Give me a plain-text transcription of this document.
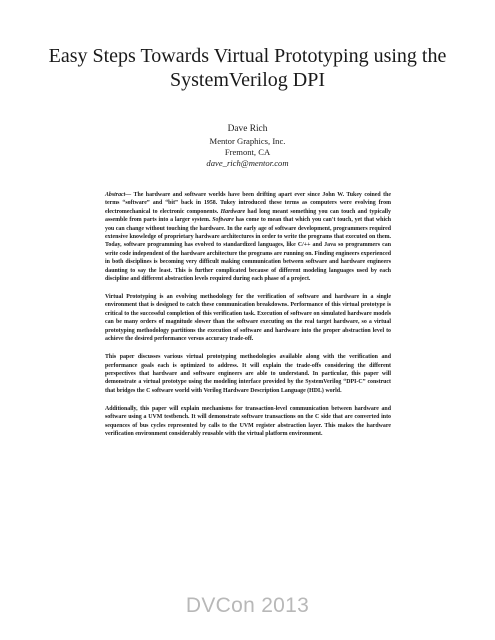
Easy Steps Towards Virtual Prototyping using the
SystemVerilog DPI
Dave Rich
Mentor Graphics, Inc.
Fremont, CA
dave_rich@mentor.com

Abstract— The hardware and software worlds have been drifting apart ever since John W. Tukey coined the terms “software” and “bit” back in 1958. Tukey introduced these terms as computers were evolving from electromechanical to electronic components. Hardware had long meant something you can touch and typically assemble from parts into a larger system. Software has come to mean that which you can't touch, yet that which you can change without touching the hardware. In the early age of software development, programmers required extensive knowledge of proprietary hardware architectures in order to write the programs that executed on them. Today, software programming has evolved to standardized languages, like C/++ and Java so programmers can write code independent of the hardware architecture the programs are running on. Finding engineers experienced in both disciplines is becoming very difficult making communication between software and hardware engineers daunting to say the least. This is further complicated because of different modeling languages used by each discipline and different abstraction levels required during each phase of a project.

Virtual Prototyping is an evolving methodology for the verification of software and hardware in a single environment that is designed to catch these communication breakdowns. Performance of this virtual prototype is critical to the successful completion of this verification task. Execution of software on simulated hardware models can be many orders of magnitude slower than the software executing on the real target hardware, so a virtual prototyping methodology partitions the execution of software and hardware into the proper abstraction level to achieve the desired performance versus accuracy trade-off.

This paper discusses various virtual prototyping methodologies available along with the verification and performance goals each is optimized to address. It will explain the trade-offs considering the different perspectives that hardware and software engineers are able to understand. In particular, this paper will demonstrate a virtual prototype using the modeling interface provided by the SystemVerilog “DPI-C” construct that bridges the C software world with Verilog Hardware Description Language (HDL) world.

Additionally, this paper will explain mechanisms for transaction-level communication between hardware and software using a UVM testbench. It will demonstrate software transactions on the C side that are converted into sequences of bus cycles represented by calls to the UVM register abstraction layer. This makes the hardware verification environment considerably reusable with the virtual platform environment.

DVCon 2013
